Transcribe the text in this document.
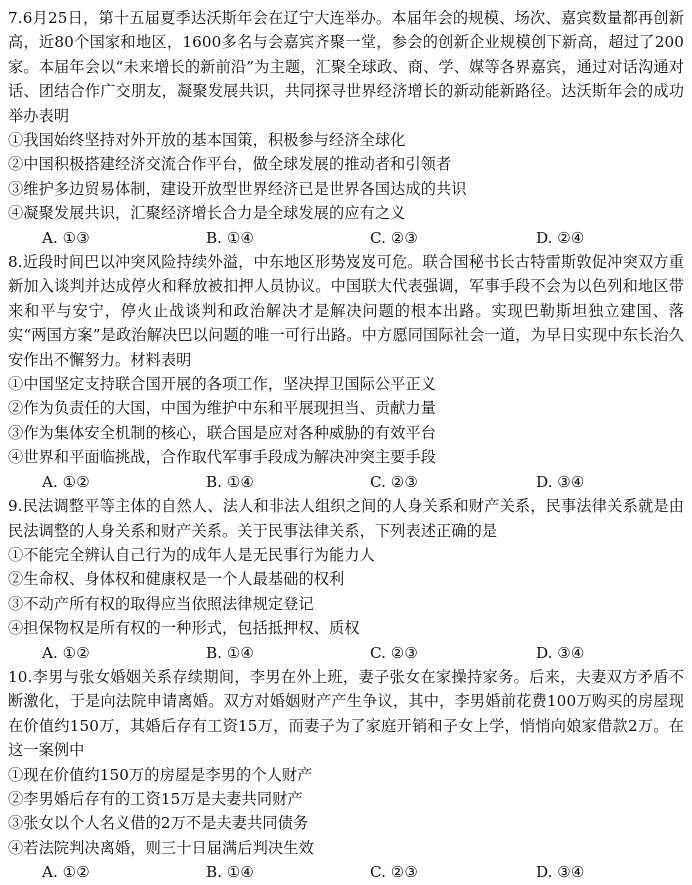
7.6月25日，第十五届夏季达沃斯年会在辽宁大连举办。本届年会的规模、场次、嘉宾数量都再创新高，近80个国家和地区，1600多名与会嘉宾齐聚一堂，参会的创新企业规模创下新高，超过了200家。本届年会以“未来增长的新前沿”为主题，汇聚全球政、商、学、媒等各界嘉宾，通过对话沟通对话、团结合作广交朋友，凝聚发展共识，共同探寻世界经济增长的新动能新路径。达沃斯年会的成功举办表明

①我国始终坚持对外开放的基本国策，积极参与经济全球化
②中国积极搭建经济交流合作平台，做全球发展的推动者和引领者
③维护多边贸易体制，建设开放型世界经济已是世界各国达成的共识
④凝聚发展共识，汇聚经济增长合力是全球发展的应有之义
A. ①③	B. ①④	C. ②③	D. ②④

8.近段时间巴以冲突风险持续外溢，中东地区形势岌岌可危。联合国秘书长古特雷斯敦促冲突双方重新加入谈判并达成停火和释放被扣押人员协议。中国联大代表强调，军事手段不会为以色列和地区带来和平与安宁，停火止战谈判和政治解决才是解决问题的根本出路。实现巴勒斯坦独立建国、落实“两国方案”是政治解决巴以问题的唯一可行出路。中方愿同国际社会一道，为早日实现中东长治久安作出不懈努力。材料表明

①中国坚定支持联合国开展的各项工作，坚决捍卫国际公平正义
②作为负责任的大国，中国为维护中东和平展现担当、贡献力量
③作为集体安全机制的核心，联合国是应对各种威胁的有效平台
④世界和平面临挑战，合作取代军事手段成为解决冲突主要手段
A. ①②	B. ①④	C. ②③	D. ③④

9.民法调整平等主体的自然人、法人和非法人组织之间的人身关系和财产关系，民事法律关系就是由民法调整的人身关系和财产关系。关于民事法律关系，下列表述正确的是

①不能完全辨认自己行为的成年人是无民事行为能力人
②生命权、身体权和健康权是一个人最基础的权利
③不动产所有权的取得应当依照法律规定登记
④担保物权是所有权的一种形式，包括抵押权、质权
A. ①②	B. ①④	C. ②③	D. ③④

10.李男与张女婚姻关系存续期间，李男在外上班，妻子张女在家操持家务。后来，夫妻双方矛盾不断激化，于是向法院申请离婚。双方对婚姻财产产生争议，其中，李男婚前花费100万购买的房屋现在价值约150万，其婚后存有工资15万，而妻子为了家庭开销和子女上学，悄悄向娘家借款2万。在这一案例中

①现在价值约150万的房屋是李男的个人财产
②李男婚后存有的工资15万是夫妻共同财产
③张女以个人名义借的2万不是夫妻共同债务
④若法院判决离婚，则三十日届满后判决生效
A. ①②	B. ①④	C. ②③	D. ③④
